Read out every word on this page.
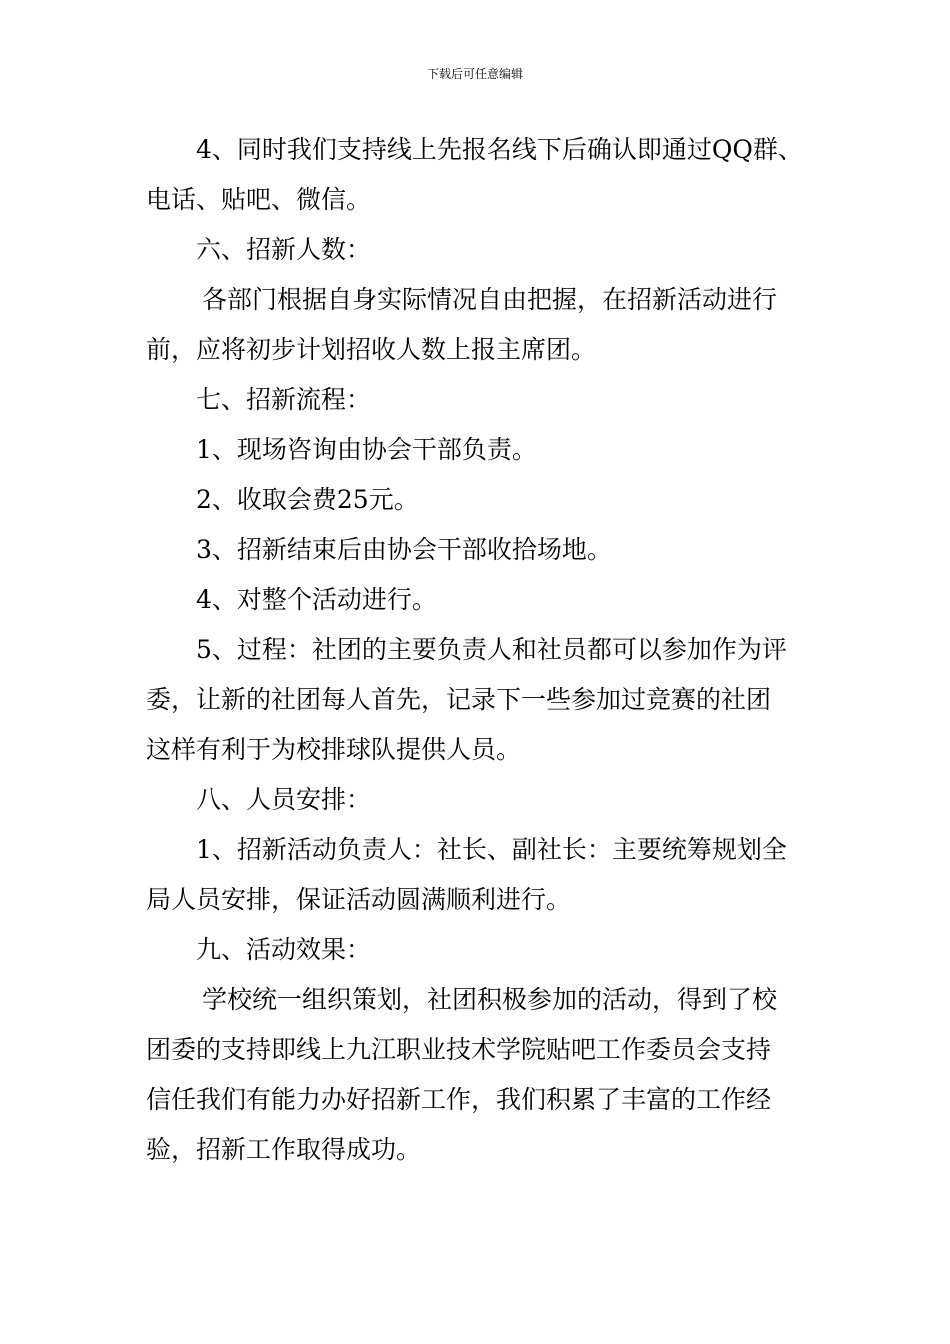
下载后可任意编辑
4、同时我们支持线上先报名线下后确认即通过QQ群、
电话、贴吧、微信。
六、招新人数：
各部门根据自身实际情况自由把握，在招新活动进行
前，应将初步计划招收人数上报主席团。
七、招新流程：
1、现场咨询由协会干部负责。
2、收取会费25元。
3、招新结束后由协会干部收拾场地。
4、对整个活动进行。
5、过程：社团的主要负责人和社员都可以参加作为评
委，让新的社团每人首先，记录下一些参加过竞赛的社团
这样有利于为校排球队提供人员。
八、人员安排：
1、招新活动负责人：社长、副社长：主要统筹规划全
局人员安排，保证活动圆满顺利进行。
九、活动效果：
学校统一组织策划，社团积极参加的活动，得到了校
团委的支持即线上九江职业技术学院贴吧工作委员会支持
信任我们有能力办好招新工作，我们积累了丰富的工作经
验，招新工作取得成功。
